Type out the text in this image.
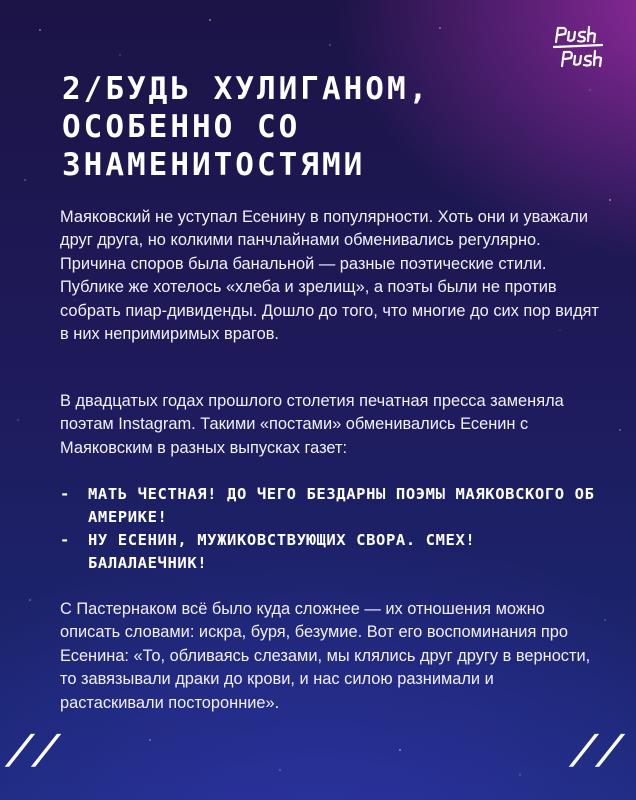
2/БУДЬ ХУЛИГАНОМ, ОСОБЕННО СО ЗНАМЕНИТОСТЯМИ

Маяковский не уступал Есенину в популярности. Хоть они и уважали друг друга, но колкими панчлайнами обменивались регулярно. Причина споров была банальной — разные поэтические стили. Публике же хотелось «хлеба и зрелищ», а поэты были не против собрать пиар-дивиденды. Дошло до того, что многие до сих пор видят в них непримиримых врагов.

В двадцатых годах прошлого столетия печатная пресса заменяла поэтам Instagram. Такими «постами» обменивались Есенин с Маяковским в разных выпусках газет:

- МАТЬ ЧЕСТНАЯ! ДО ЧЕГО БЕЗДАРНЫ ПОЭМЫ МАЯКОВСКОГО ОБ АМЕРИКЕ!
- НУ ЕСЕНИН, МУЖИКОВСТВУЮЩИХ СВОРА. СМЕХ! БАЛАЛАЕЧНИК!

С Пастернаком всё было куда сложнее — их отношения можно описать словами: искра, буря, безумие. Вот его воспоминания про Есенина: «То, обливаясь слезами, мы клялись друг другу в верности, то завязывали драки до крови, и нас силою разнимали и растаскивали посторонние».

//	//
